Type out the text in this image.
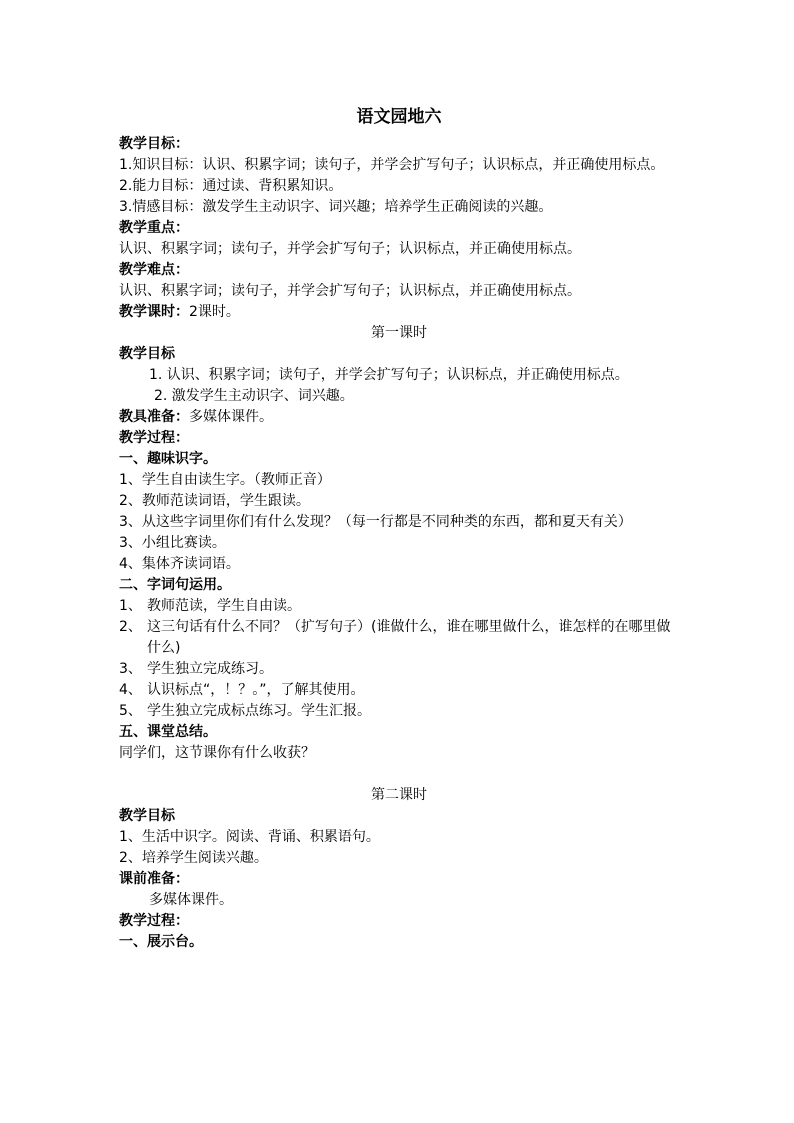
语文园地六
教学目标：
1.知识目标：认识、积累字词；读句子，并学会扩写句子；认识标点，并正确使用标点。
2.能力目标：通过读、背积累知识。
3.情感目标：激发学生主动识字、词兴趣；培养学生正确阅读的兴趣。
教学重点：
认识、积累字词；读句子，并学会扩写句子；认识标点，并正确使用标点。
教学难点：
认识、积累字词；读句子，并学会扩写句子；认识标点，并正确使用标点。
教学课时：2课时。
第一课时
教学目标
1. 认识、积累字词；读句子，并学会扩写句子；认识标点，并正确使用标点。
2. 激发学生主动识字、词兴趣。
教具准备：多媒体课件。
教学过程：
一、趣味识字。
1、学生自由读生字。（教师正音）
2、教师范读词语，学生跟读。
3、从这些字词里你们有什么发现？（每一行都是不同种类的东西，都和夏天有关）
3、小组比赛读。
4、集体齐读词语。
二、字词句运用。
1、 教师范读，学生自由读。
2、 这三句话有什么不同？（扩写句子）(谁做什么，谁在哪里做什么，谁怎样的在哪里做什么)
3、 学生独立完成练习。
4、 认识标点“，！？。”，了解其使用。
5、 学生独立完成标点练习。学生汇报。
五、课堂总结。
同学们，这节课你有什么收获？
第二课时
教学目标
1、生活中识字。阅读、背诵、积累语句。
2、培养学生阅读兴趣。
课前准备：
多媒体课件。
教学过程：
一、展示台。
